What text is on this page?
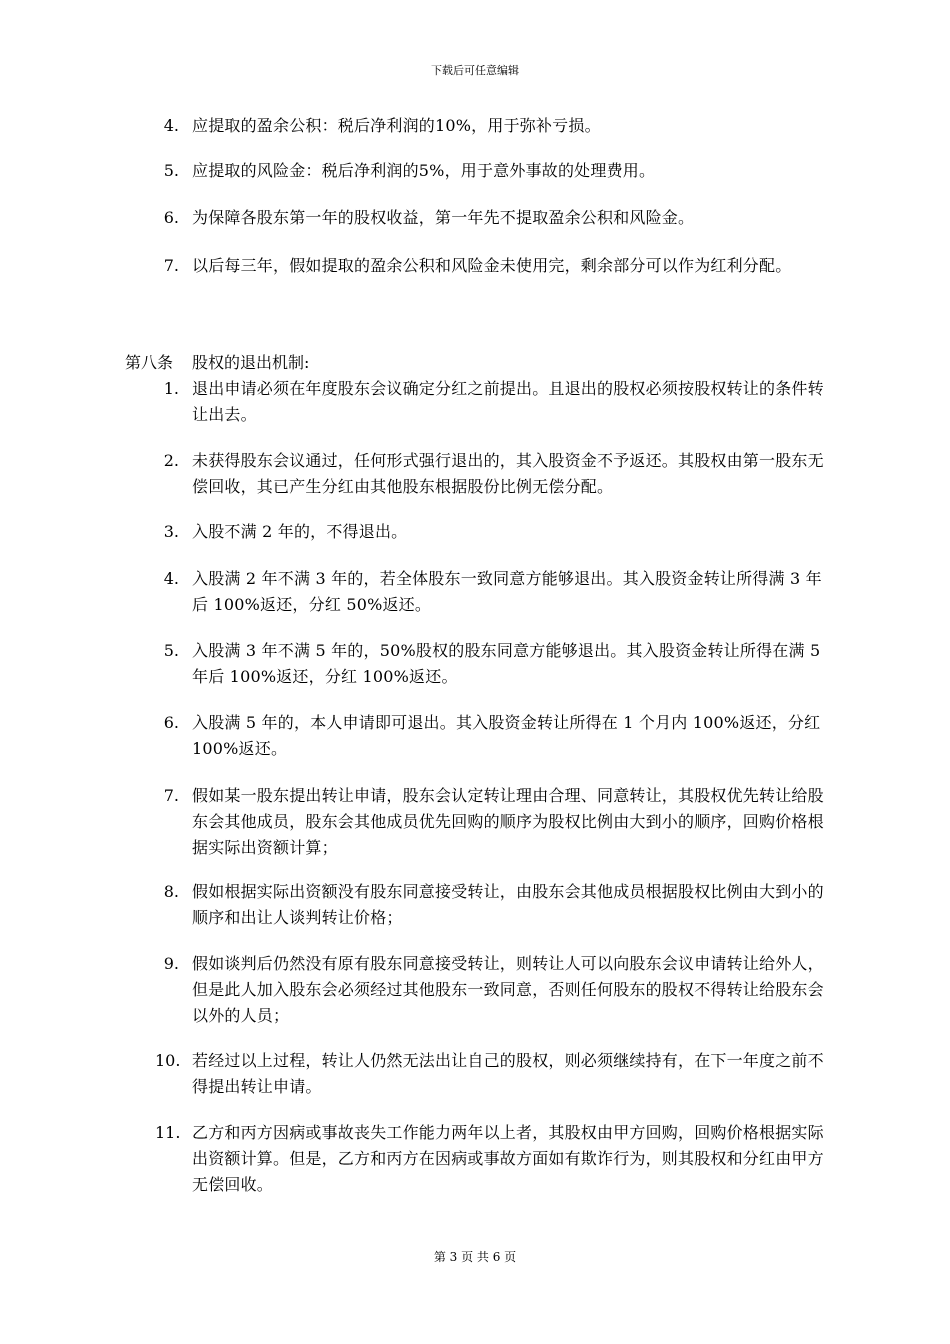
下载后可任意编辑
4. 应提取的盈余公积：税后净利润的10%，用于弥补亏损。
5. 应提取的风险金：税后净利润的5%，用于意外事故的处理费用。
6. 为保障各股东第一年的股权收益，第一年先不提取盈余公积和风险金。
7. 以后每三年，假如提取的盈余公积和风险金未使用完，剩余部分可以作为红利分配。
第八条 股权的退出机制:
1. 退出申请必须在年度股东会议确定分红之前提出。且退出的股权必须按股权转让的条件转让出去。
2. 未获得股东会议通过，任何形式强行退出的，其入股资金不予返还。其股权由第一股东无偿回收，其已产生分红由其他股东根据股份比例无偿分配。
3. 入股不满 2 年的，不得退出。
4. 入股满 2 年不满 3 年的，若全体股东一致同意方能够退出。其入股资金转让所得满 3 年后 100%返还，分红 50%返还。
5. 入股满 3 年不满 5 年的，50%股权的股东同意方能够退出。其入股资金转让所得在满 5 年后 100%返还，分红 100%返还。
6. 入股满 5 年的，本人申请即可退出。其入股资金转让所得在 1 个月内 100%返还，分红 100%返还。
7. 假如某一股东提出转让申请，股东会认定转让理由合理、同意转让，其股权优先转让给股东会其他成员，股东会其他成员优先回购的顺序为股权比例由大到小的顺序，回购价格根据实际出资额计算；
8. 假如根据实际出资额没有股东同意接受转让，由股东会其他成员根据股权比例由大到小的顺序和出让人谈判转让价格；
9. 假如谈判后仍然没有原有股东同意接受转让，则转让人可以向股东会议申请转让给外人，但是此人加入股东会必须经过其他股东一致同意，否则任何股东的股权不得转让给股东会以外的人员；
10. 若经过以上过程，转让人仍然无法出让自己的股权，则必须继续持有，在下一年度之前不得提出转让申请。
11. 乙方和丙方因病或事故丧失工作能力两年以上者，其股权由甲方回购，回购价格根据实际出资额计算。但是，乙方和丙方在因病或事故方面如有欺诈行为，则其股权和分红由甲方无偿回收。
第 3 页 共 6 页
